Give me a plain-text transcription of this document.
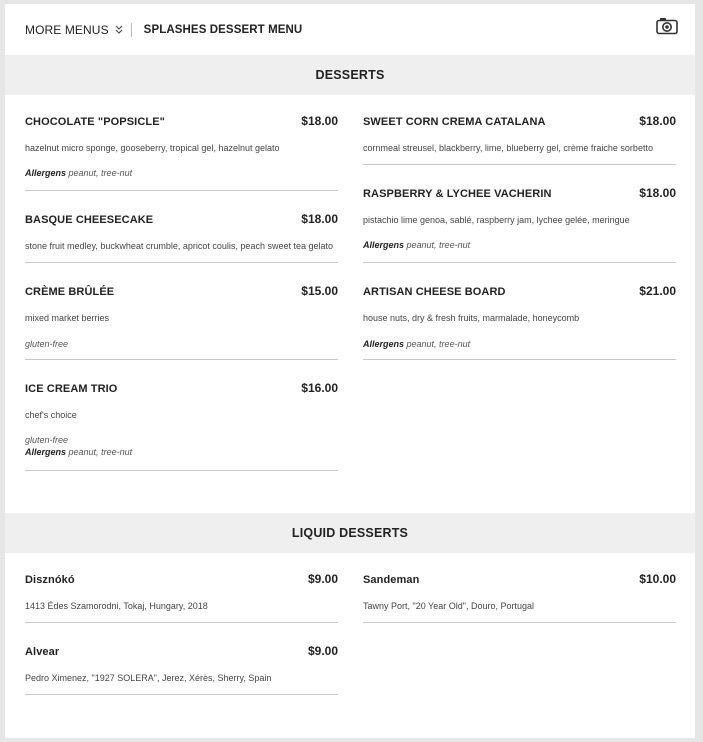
MORE MENUS	SPLASHES DESSERT MENU
DESSERTS
CHOCOLATE "POPSICLE"	$18.00
hazelnut micro sponge, gooseberry, tropical gel, hazelnut gelato
Allergens peanut, tree-nut
BASQUE CHEESECAKE	$18.00
stone fruit medley, buckwheat crumble, apricot coulis, peach sweet tea gelato
CRÈME BRÛLÉE	$15.00
mixed market berries
gluten-free
ICE CREAM TRIO	$16.00
chef's choice
gluten-free
Allergens peanut, tree-nut
SWEET CORN CREMA CATALANA	$18.00
cornmeal streusel, blackberry, lime, blueberry gel, crème fraiche sorbetto
RASPBERRY & LYCHEE VACHERIN	$18.00
pistachio lime genoa, sablé, raspberry jam, lychee gelée, meringue
Allergens peanut, tree-nut
ARTISAN CHEESE BOARD	$21.00
house nuts, dry & fresh fruits, marmalade, honeycomb
Allergens peanut, tree-nut
LIQUID DESSERTS
Disznókó	$9.00
1413 Édes Szamorodni, Tokaj, Hungary, 2018
Alvear	$9.00
Pedro Ximenez, "1927 SOLERA", Jerez, Xérès, Sherry, Spain
Sandeman	$10.00
Tawny Port, "20 Year Old", Douro, Portugal
